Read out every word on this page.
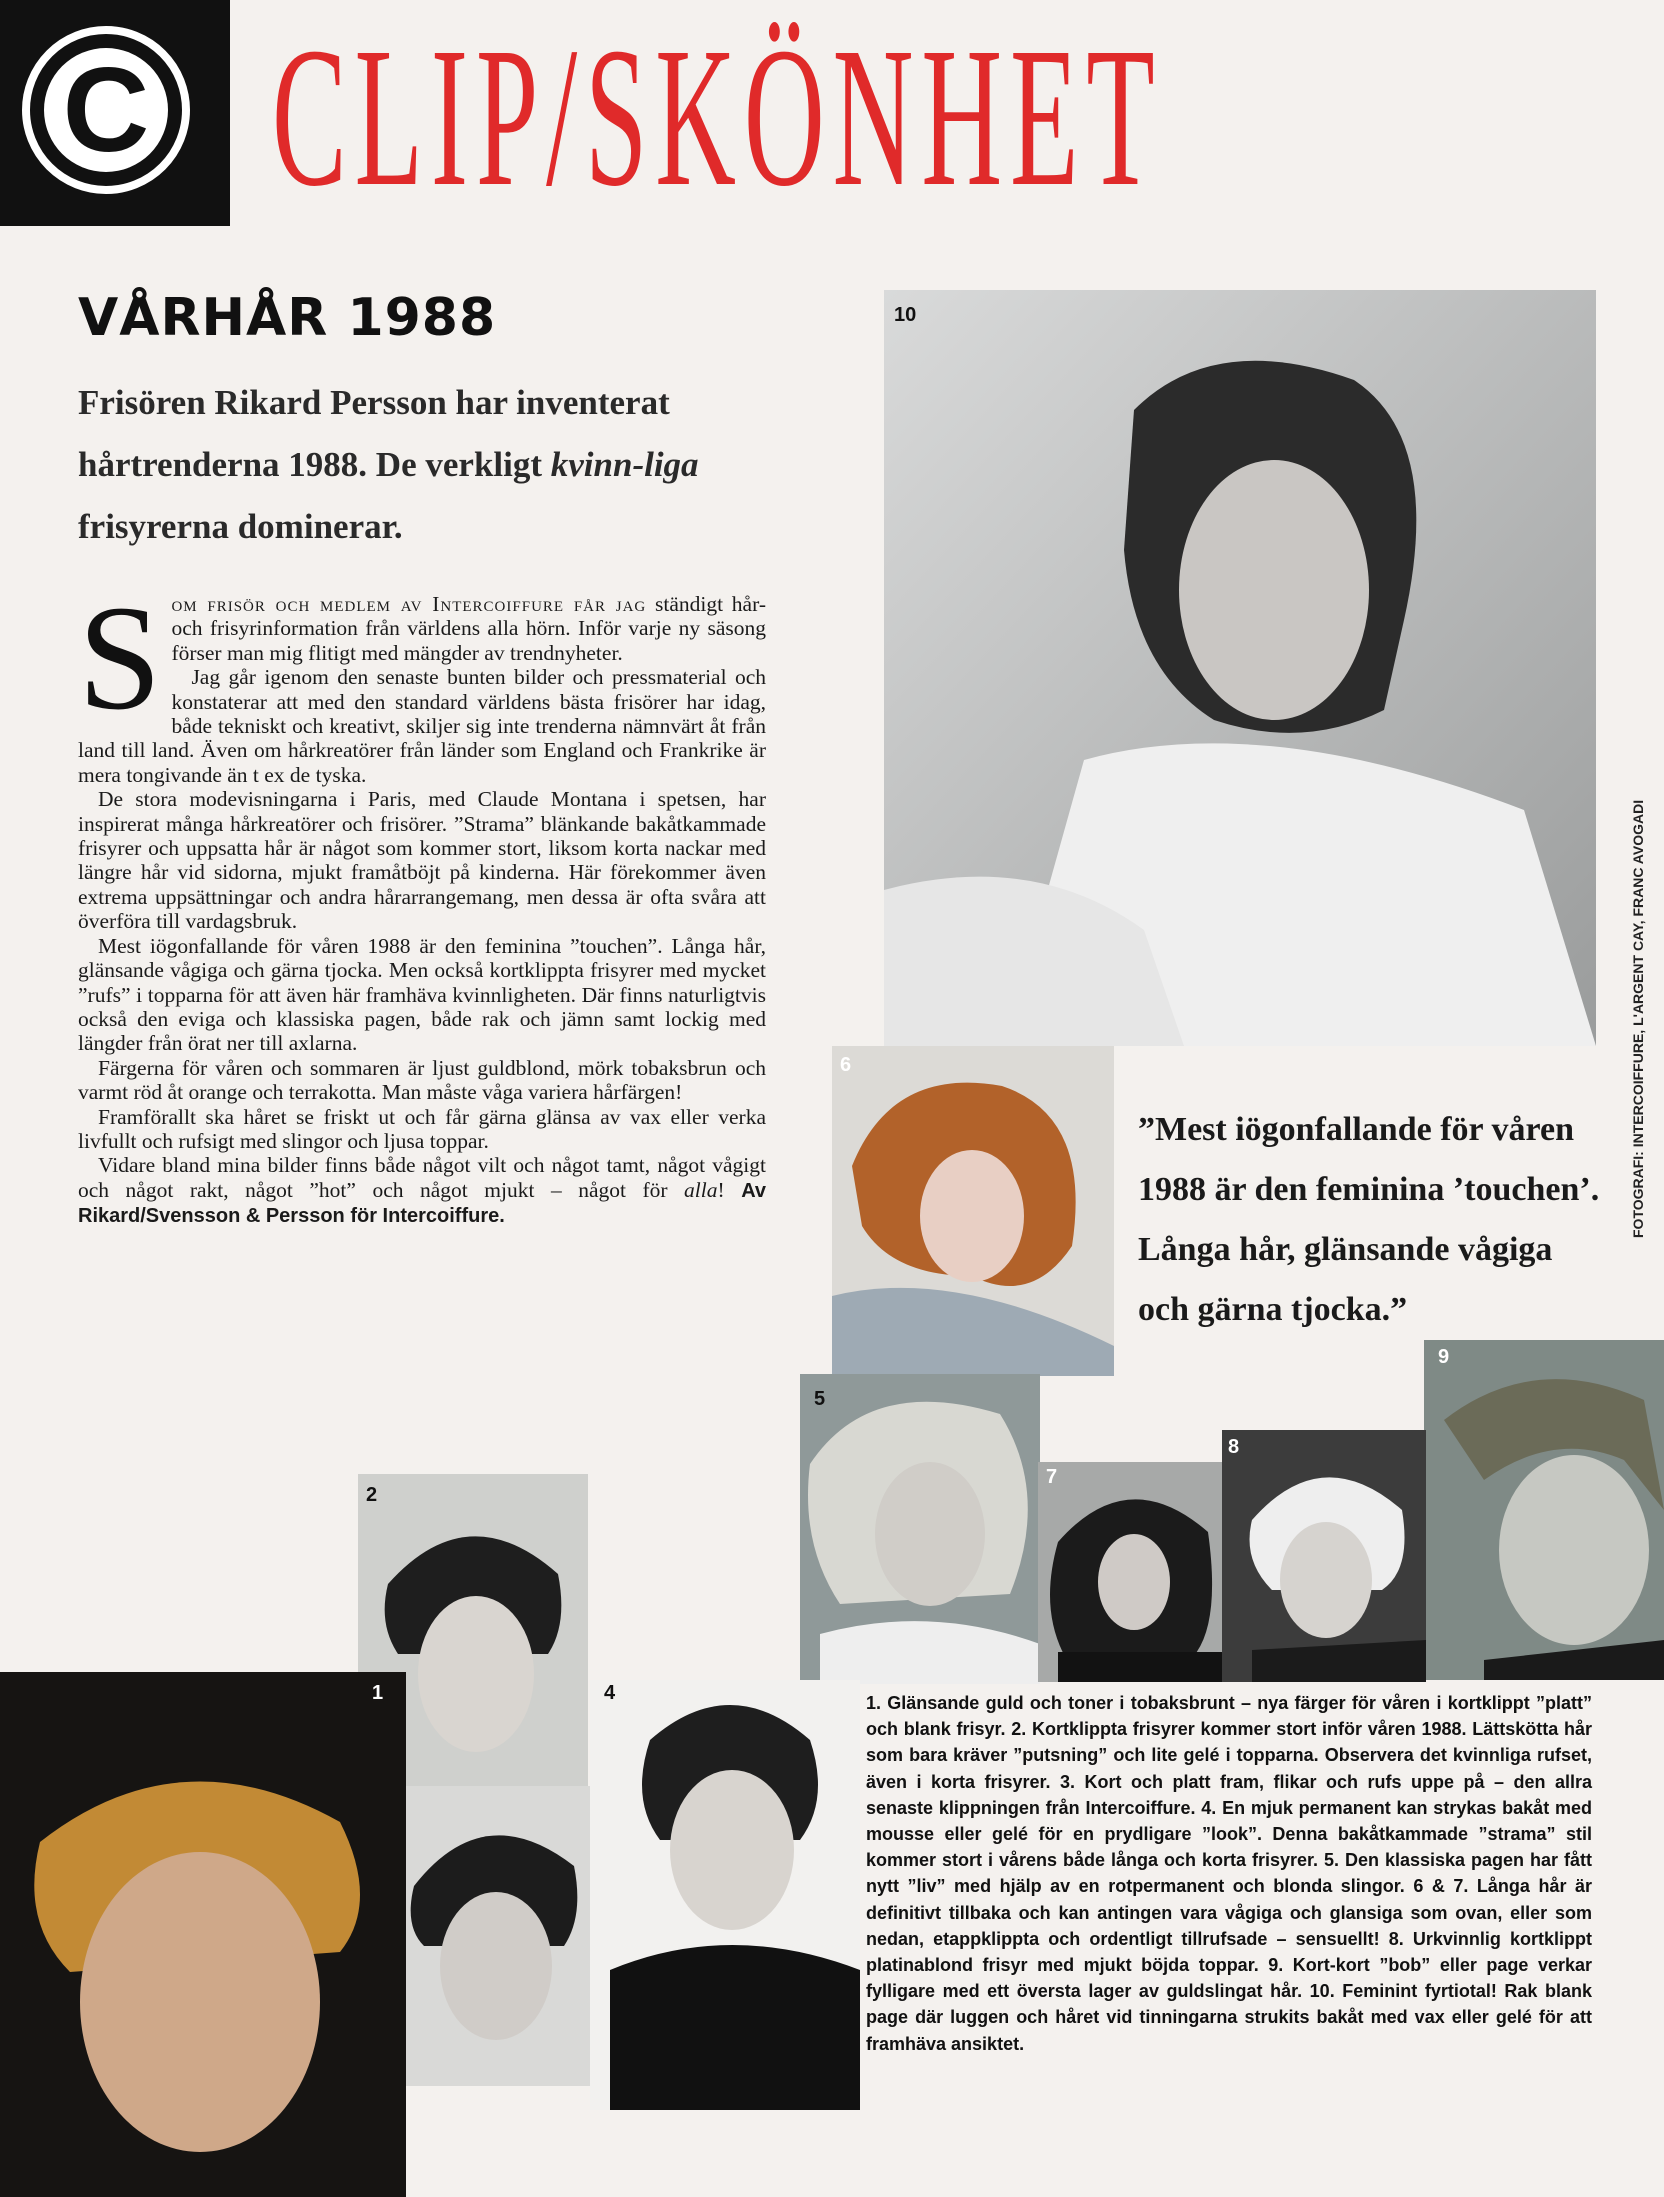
C CLIP/SKÖNHET
VÅRHÅR 1988
Frisören Rikard Persson har inventerat hårtrenderna 1988. De verkligt kvinn-liga frisyrerna dominerar.

Som frisör och medlem av Intercoiffure får jag ständigt hår- och frisyrinformation från världens alla hörn. Inför varje ny säsong förser man mig flitigt med mängder av trendnyheter.

Jag går igenom den senaste bunten bilder och pressmaterial och konstaterar att med den standard världens bästa frisörer har idag, både tekniskt och kreativt, skiljer sig inte trenderna nämnvärt åt från land till land. Även om hårkreatörer från länder som England och Frankrike är mera tongivande än t ex de tyska.

De stora modevisningarna i Paris, med Claude Montana i spetsen, har inspirerat många hårkreatörer och frisörer. ”Strama” blänkande bakåtkammade frisyrer och uppsatta hår är något som kommer stort, liksom korta nackar med längre hår vid sidorna, mjukt framåtböjt på kinderna. Här förekommer även extrema uppsättningar och andra hårarrangemang, men dessa är ofta svåra att överföra till vardagsbruk.

Mest iögonfallande för våren 1988 är den feminina ”touchen”. Långa hår, glänsande vågiga och gärna tjocka. Men också kortklippta frisyrer med mycket ”rufs” i topparna för att även här framhäva kvinnligheten. Där finns naturligtvis också den eviga och klassiska pagen, både rak och jämn samt lockig med längder från örat ner till axlarna.

Färgerna för våren och sommaren är ljust guldblond, mörk tobaksbrun och varmt röd åt orange och terrakotta. Man måste våga variera hårfärgen!

Framförallt ska håret se friskt ut och får gärna glänsa av vax eller verka livfullt och rufsigt med slingor och ljusa toppar.

Vidare bland mina bilder finns både något vilt och något tamt, något vågigt och något rakt, något ”hot” och något mjukt – något för alla! Av Rikard/Svensson & Persson för Intercoiffure.

10
6
”Mest iögonfallande för våren 1988 är den feminina ’touchen’. Långa hår, glänsande vågiga och gärna tjocka.”
9
5
7
8
2
4
1	1. Glänsande guld och toner i tobaksbrunt – nya färger för våren i kortklippt ”platt” och blank frisyr. 2. Kortklippta frisyrer kommer stort inför våren 1988. Lättskötta hår som bara kräver ”putsning” och lite gelé i topparna. Observera det kvinnliga rufset, även i korta frisyrer. 3. Kort och platt fram, flikar och rufs uppe på – den allra senaste klippningen från Intercoiffure. 4. En mjuk permanent kan strykas bakåt med mousse eller gelé för en prydligare ”look”. Denna bakåtkammade ”strama” stil kommer stort i vårens både långa och korta frisyrer. 5. Den klassiska pagen har fått nytt ”liv” med hjälp av en rotpermanent och blonda slingor. 6 & 7. Långa hår är definitivt tillbaka och kan antingen vara vågiga och glansiga som ovan, eller som nedan, etappklippta och ordentligt tillrufsade – sensuellt! 8. Urkvinnlig kortklippt platinablond frisyr med mjukt böjda toppar. 9. Kort-kort ”bob” eller page verkar fylligare med ett översta lager av guldslingat hår. 10. Feminint fyrtiotal! Rak blank page där luggen och håret vid tinningarna strukits bakåt med vax eller gelé för att framhäva ansiktet.
FOTOGRAFI: INTERCOIFFURE, L'ARGENT CAY, FRANC AVOGADI
